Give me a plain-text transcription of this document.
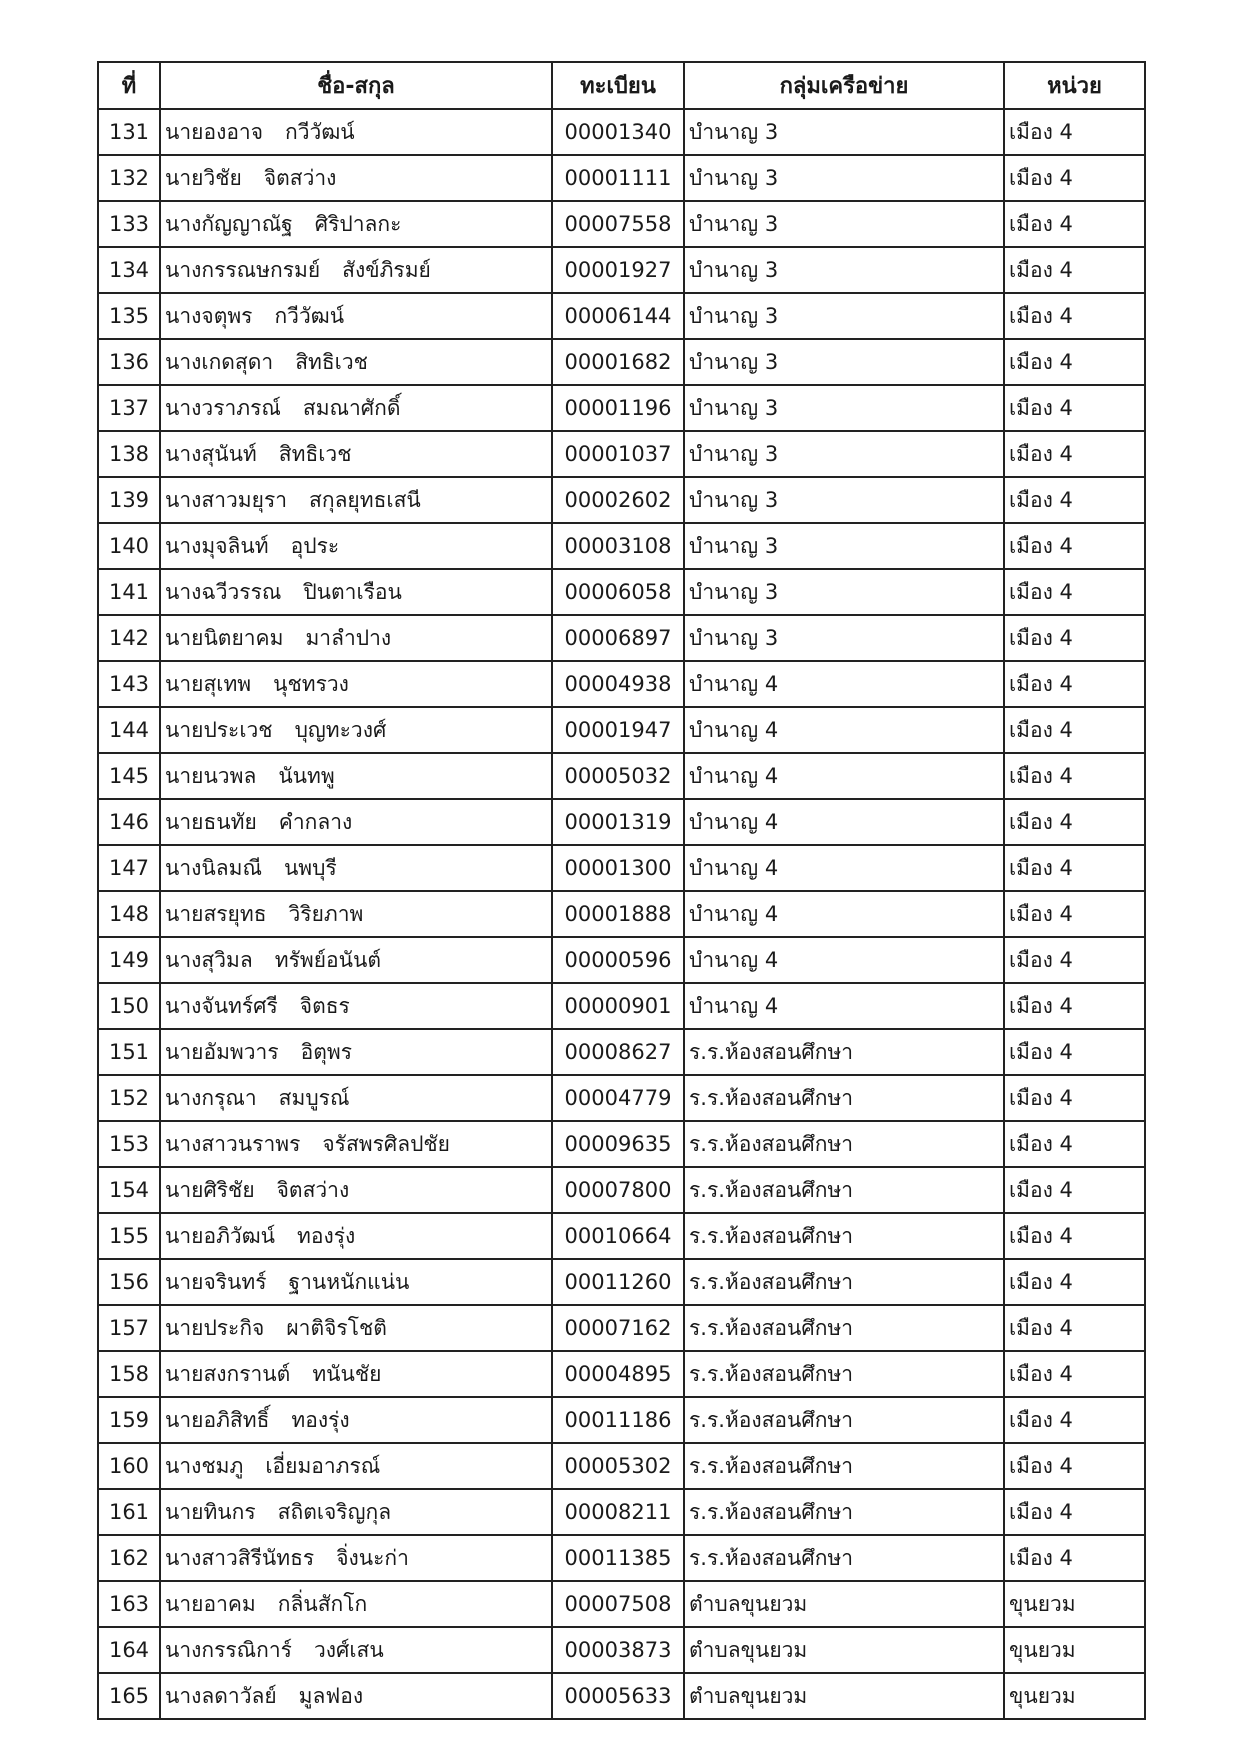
ที่	ชื่อ-สกุล	ทะเบียน	กลุ่มเครือข่าย	หน่วย
131	นายองอาจ กวีวัฒน์	00001340	บำนาญ 3	เมือง 4
132	นายวิชัย จิตสว่าง	00001111	บำนาญ 3	เมือง 4
133	นางกัญญาณัฐ ศิริปาลกะ	00007558	บำนาญ 3	เมือง 4
134	นางกรรณษกรมย์ สังข์ภิรมย์	00001927	บำนาญ 3	เมือง 4
135	นางจตุพร กวีวัฒน์	00006144	บำนาญ 3	เมือง 4
136	นางเกดสุดา สิทธิเวช	00001682	บำนาญ 3	เมือง 4
137	นางวราภรณ์ สมณาศักดิ์	00001196	บำนาญ 3	เมือง 4
138	นางสุนันท์ สิทธิเวช	00001037	บำนาญ 3	เมือง 4
139	นางสาวมยุรา สกุลยุทธเสนี	00002602	บำนาญ 3	เมือง 4
140	นางมุจลินท์ อุประ	00003108	บำนาญ 3	เมือง 4
141	นางฉวีวรรณ ปินตาเรือน	00006058	บำนาญ 3	เมือง 4
142	นายนิตยาคม มาลำปาง	00006897	บำนาญ 3	เมือง 4
143	นายสุเทพ นุชทรวง	00004938	บำนาญ 4	เมือง 4
144	นายประเวช บุญทะวงศ์	00001947	บำนาญ 4	เมือง 4
145	นายนวพล นันทพู	00005032	บำนาญ 4	เมือง 4
146	นายธนทัย คำกลาง	00001319	บำนาญ 4	เมือง 4
147	นางนิลมณี นพบุรี	00001300	บำนาญ 4	เมือง 4
148	นายสรยุทธ วิริยภาพ	00001888	บำนาญ 4	เมือง 4
149	นางสุวิมล ทรัพย์อนันต์	00000596	บำนาญ 4	เมือง 4
150	นางจันทร์ศรี จิตธร	00000901	บำนาญ 4	เมือง 4
151	นายอัมพวาร อิตุพร	00008627	ร.ร.ห้องสอนศึกษา	เมือง 4
152	นางกรุณา สมบูรณ์	00004779	ร.ร.ห้องสอนศึกษา	เมือง 4
153	นางสาวนราพร จรัสพรศิลปชัย	00009635	ร.ร.ห้องสอนศึกษา	เมือง 4
154	นายศิริชัย จิตสว่าง	00007800	ร.ร.ห้องสอนศึกษา	เมือง 4
155	นายอภิวัฒน์ ทองรุ่ง	00010664	ร.ร.ห้องสอนศึกษา	เมือง 4
156	นายจรินทร์ ฐานหนักแน่น	00011260	ร.ร.ห้องสอนศึกษา	เมือง 4
157	นายประกิจ ผาติจิรโชติ	00007162	ร.ร.ห้องสอนศึกษา	เมือง 4
158	นายสงกรานต์ ทนันชัย	00004895	ร.ร.ห้องสอนศึกษา	เมือง 4
159	นายอภิสิทธิ์ ทองรุ่ง	00011186	ร.ร.ห้องสอนศึกษา	เมือง 4
160	นางชมภู เอี่ยมอาภรณ์	00005302	ร.ร.ห้องสอนศึกษา	เมือง 4
161	นายทินกร สถิตเจริญกุล	00008211	ร.ร.ห้องสอนศึกษา	เมือง 4
162	นางสาวสิรีนัทธร จิ่งนะก่า	00011385	ร.ร.ห้องสอนศึกษา	เมือง 4
163	นายอาคม กลิ่นสักโก	00007508	ตำบลขุนยวม	ขุนยวม
164	นางกรรณิการ์ วงศ์เสน	00003873	ตำบลขุนยวม	ขุนยวม
165	นางลดาวัลย์ มูลฟอง	00005633	ตำบลขุนยวม	ขุนยวม
